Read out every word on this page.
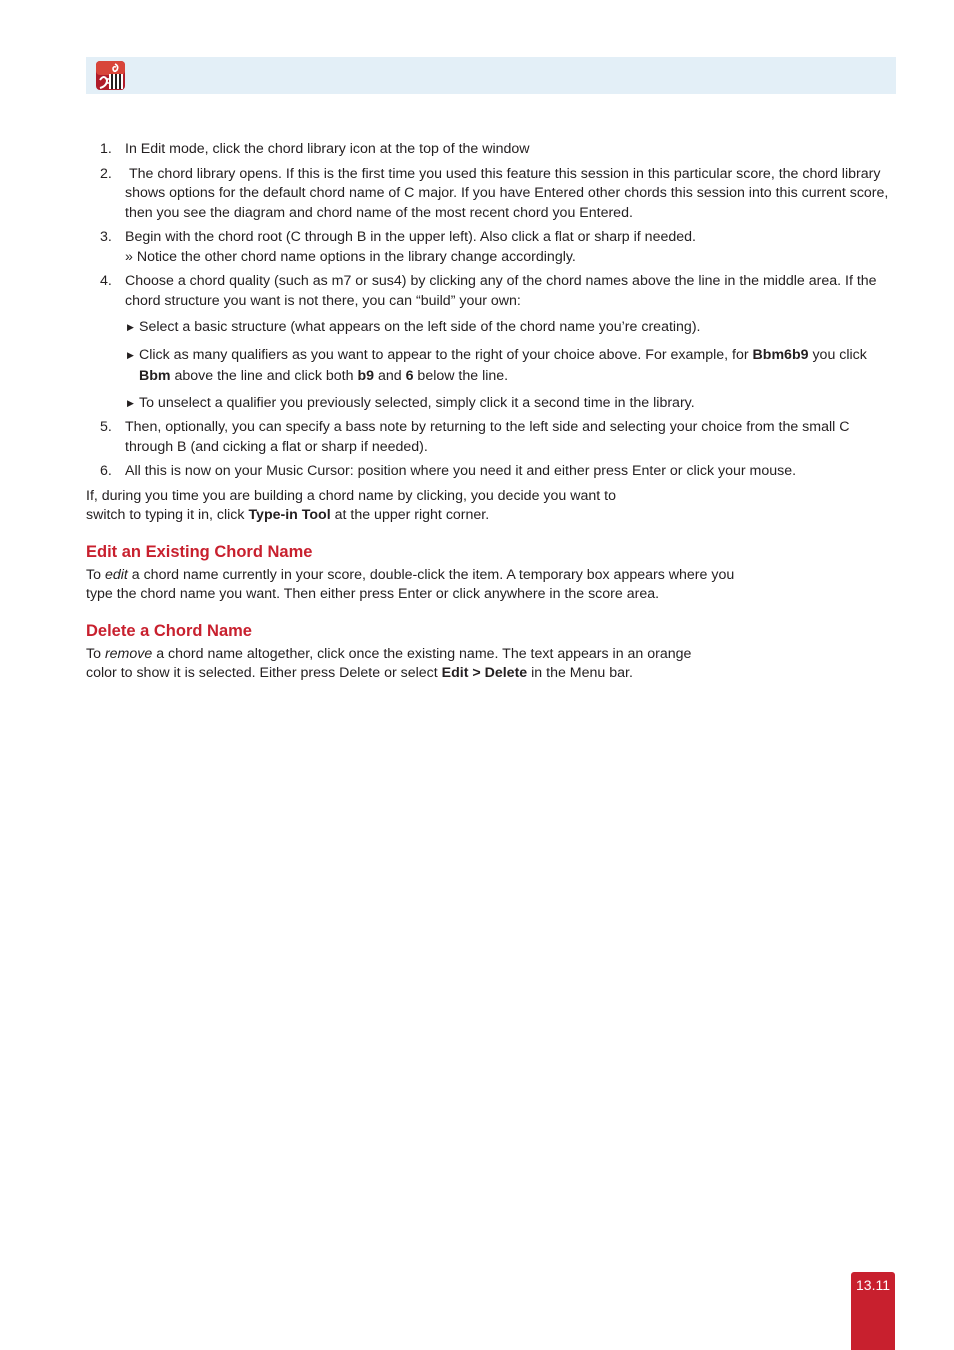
1. In Edit mode, click the chord library icon at the top of the window
2. The chord library opens. If this is the first time you used this feature this session in this particular score, the chord library shows options for the default chord name of C major. If you have Entered other chords this session into this current score, then you see the diagram and chord name of the most recent chord you Entered.
3. Begin with the chord root (C through B in the upper left). Also click a flat or sharp if needed.
» Notice the other chord name options in the library change accordingly.
4. Choose a chord quality (such as m7 or sus4) by clicking any of the chord names above the line in the middle area. If the chord structure you want is not there, you can “build” your own:
▶ Select a basic structure (what appears on the left side of the chord name you’re creating).
▶ Click as many qualifiers as you want to appear to the right of your choice above. For example, for Bbm6b9 you click Bbm above the line and click both b9 and 6 below the line.
▶ To unselect a qualifier you previously selected, simply click it a second time in the library.
5. Then, optionally, you can specify a bass note by returning to the left side and selecting your choice from the small C through B (and cicking a flat or sharp if needed).
6. All this is now on your Music Cursor: position where you need it and either press Enter or click your mouse.

If, during you time you are building a chord name by clicking, you decide you want to switch to typing it in, click Type-in Tool at the upper right corner.

Edit an Existing Chord Name

To edit a chord name currently in your score, double-click the item. A temporary box appears where you type the chord name you want. Then either press Enter or click anywhere in the score area.

Delete a Chord Name

To remove a chord name altogether, click once the existing name. The text appears in an orange color to show it is selected. Either press Delete or select Edit > Delete in the Menu bar.

13.11
